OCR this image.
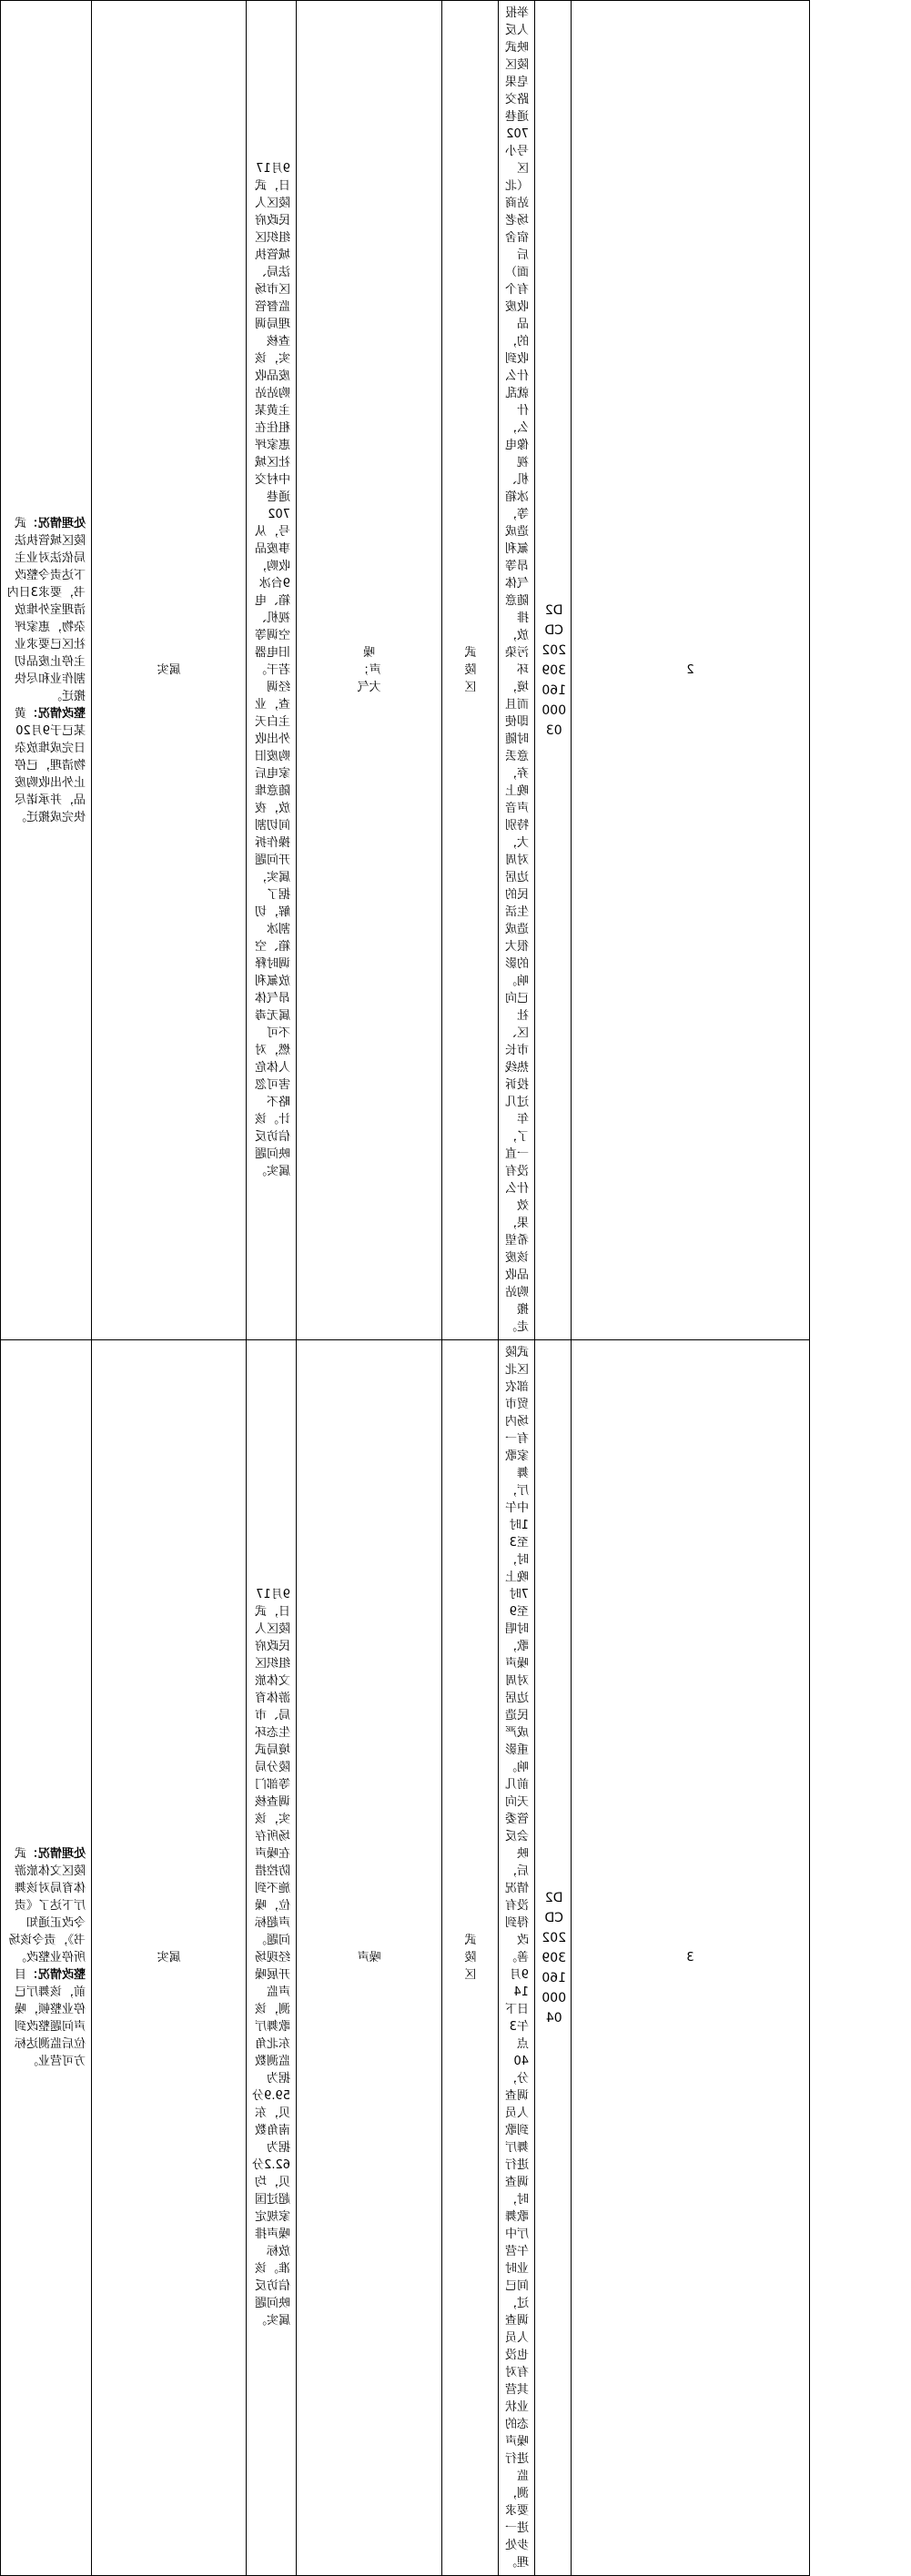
处理情况：武陵区城管执法局依法对业主下达责令整改书，要求3日内清理室外堆放杂物，惠家坪社区已要求业主停止废品切割作业和尽快搬迁。
整改情况：黄某已于9月20日完成堆放杂物清理，已停止外出收购废品，并承诺尽快完成搬迁。	属实	9月17日，武陵区人民政府组织区城管执法局、区市场监督管理局调查核实，该废品收购站站主黄某租住在惠家坪社区城中村交通巷702号，从事废品收购，9台冰箱、电视机、空调等旧电器若干。经调查，业主白天外出收购废旧家电后随意堆放，夜间切割操作拆开问题属实，据了解，切割冰箱、空调时释放氟利昂气体属无毒不可燃，对人体危害可忽略不计。该信访反映问题属实。	噪声；大气	武陵区	举报人反映武陵区皂果路交通巷702号小区（北站商场老宿舍后面）有个收废品的，收到什么就乱什么，像电视机、冰箱等，造成氟利昂等气体随意排放，污染环境，而且即使时随意丢弃，晚上声音特别大，对周边居民的生活造成很大的影响。已向社区、市长热线投诉过几年了，一直没有什么效果，希望该废品收购站搬走。	D2CD20230916000003	2

处理情况：武陵区文体旅游体育局对该舞厅下达了《责令改正通知书》，责令该场所停业整改。
整改情况：目前，该舞厅已停业整顿，噪声问题整改到位后监测达标方可营业。	属实	9月17日，武陵区人民政府组织区文体旅游体育局、市生态环境局武陵分局等部门调查核实，该场所存在噪声防控措施不到位，噪声超标问题。经现场开展噪声监测，该歌舞厅东北角监测数据为59.9分贝，东南角数据为62.2分贝，均超过国家规定噪声排放标准。该信访反映问题属实。	噪声	武陵区	武陵区北部农贸市场内有一家歌舞厅，中午1时至3时，晚上7时至9时唱歌，噪声对周边居民造成严重影响。前几天向管委会反映后，情况没有得到改善。9月14日下午3点40分，调查人员到歌舞厅进行调查时，歌舞厅中午营业时间已过，调查人员也没有对其营业状态的噪声进行监测，要求进一步处理。	D2CD20230916000004	3
